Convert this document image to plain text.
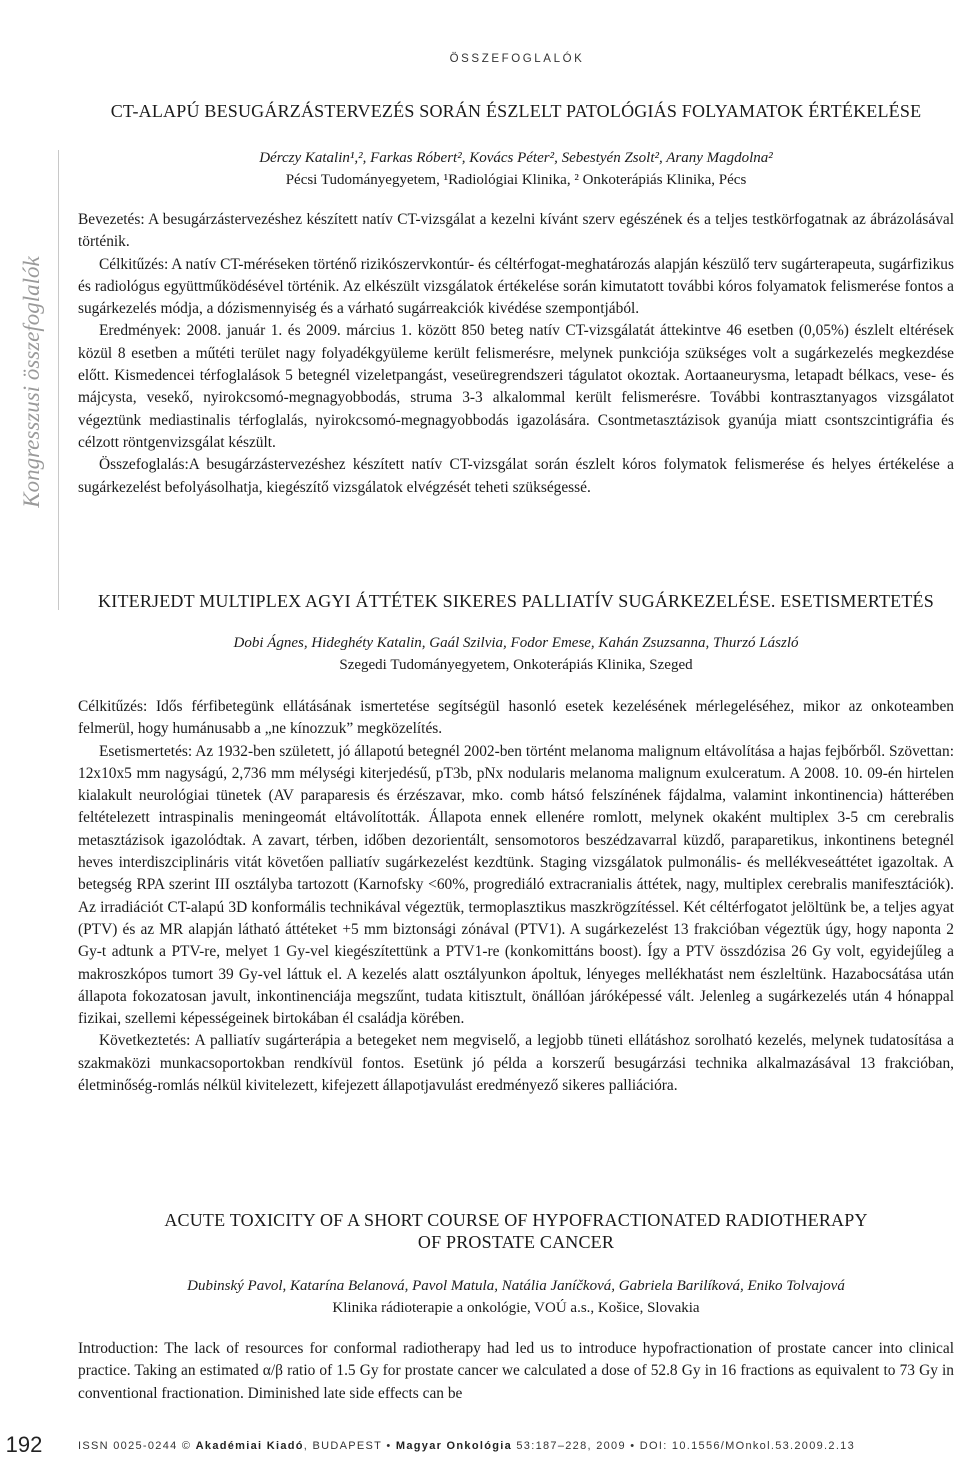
ÖSSZEFOGLALÓK
Kongresszusi összefoglalók
CT-ALAPÚ BESUGÁRZÁSTERVEZÉS SORÁN ÉSZLELT PATOLÓGIÁS FOLYAMATOK ÉRTÉKELÉSE
Dérczy Katalin¹,², Farkas Róbert², Kovács Péter², Sebestyén Zsolt², Arany Magdolna²
Pécsi Tudományegyetem, ¹Radiológiai Klinika, ² Onkoterápiás Klinika, Pécs

Bevezetés: A besugárzástervezéshez készített natív CT-vizsgálat a kezelni kívánt szerv egészének és a teljes testkörfogatnak az ábrázolásával történik.

Célkitűzés: A natív CT-méréseken történő rizikószervkontúr- és céltérfogat-meghatározás alapján készülő terv sugárterapeuta, sugárfizikus és radiológus együttműködésével történik. Az elkészült vizsgálatok értékelése során kimutatott további kóros folyamatok felismerése fontos a sugárkezelés módja, a dózismennyiség és a várható sugárreakciók kivédése szempontjából.

Eredmények: 2008. január 1. és 2009. március 1. között 850 beteg natív CT-vizsgálatát áttekintve 46 esetben (0,05%) észlelt eltérések közül 8 esetben a műtéti terület nagy folyadékgyüleme került felismerésre, melynek punkciója szükséges volt a sugárkezelés megkezdése előtt. Kismedencei térfoglalások 5 betegnél vizeletpangást, veseüregrendszeri tágulatot okoztak. Aortaaneurysma, letapadt bélkacs, vese- és májcysta, vesekő, nyirokcsomó-megnagyobbodás, struma 3-3 alkalommal került felismerésre. További kontrasztanyagos vizsgálatot végeztünk mediastinalis térfoglalás, nyirokcsomó-megnagyobbodás igazolására. Csontmetasztázisok gyanúja miatt csontszcintigráfia és célzott röntgenvizsgálat készült.

Összefoglalás:A besugárzástervezéshez készített natív CT-vizsgálat során észlelt kóros folymatok felismerése és helyes értékelése a sugárkezelést befolyásolhatja, kiegészítő vizsgálatok elvégzését teheti szükségessé.

KITERJEDT MULTIPLEX AGYI ÁTTÉTEK SIKERES PALLIATÍV SUGÁRKEZELÉSE. ESETISMERTETÉS
Dobi Ágnes, Hideghéty Katalin, Gaál Szilvia, Fodor Emese, Kahán Zsuzsanna, Thurzó László
Szegedi Tudományegyetem, Onkoterápiás Klinika, Szeged

Célkitűzés: Idős férfibetegünk ellátásának ismertetése segítségül hasonló esetek kezelésének mérlegeléséhez, mikor az onkoteamben felmerül, hogy humánusabb a „ne kínozzuk” megközelítés.

Esetismertetés: Az 1932-ben született, jó állapotú betegnél 2002-ben történt melanoma malignum eltávolítása a hajas fejbőrből. Szövettan: 12x10x5 mm nagyságú, 2,736 mm mélységi kiterjedésű, pT3b, pNx nodularis melanoma malignum exulceratum. A 2008. 10. 09-én hirtelen kialakult neurológiai tünetek (AV paraparesis és érzészavar, mko. comb hátsó felszínének fájdalma, valamint inkontinencia) hátterében feltételezett intraspinalis meningeomát eltávolították. Állapota ennek ellenére romlott, melynek okaként multiplex 3-5 cm cerebralis metasztázisok igazolódtak. A zavart, térben, időben dezorientált, sensomotoros beszédzavarral küzdő, paraparetikus, inkontinens betegnél heves interdiszciplináris vitát követően palliatív sugárkezelést kezdtünk. Staging vizsgálatok pulmonális- és mellékveseáttétet igazoltak. A betegség RPA szerint III osztályba tartozott (Karnofsky <60%, progrediáló extracranialis áttétek, nagy, multiplex cerebralis manifesztációk). Az irradiációt CT-alapú 3D konformális technikával végeztük, termoplasztikus maszkrögzítéssel. Két céltérfogatot jelöltünk be, a teljes agyat (PTV) és az MR alapján látható áttéteket +5 mm biztonsági zónával (PTV1). A sugárkezelést 13 frakcióban végeztük úgy, hogy naponta 2 Gy-t adtunk a PTV-re, melyet 1 Gy-vel kiegészítettünk a PTV1-re (konkomittáns boost). Így a PTV összdózisa 26 Gy volt, egyidejűleg a makroszkópos tumort 39 Gy-vel láttuk el. A kezelés alatt osztályunkon ápoltuk, lényeges mellékhatást nem észleltünk. Hazabocsátása után állapota fokozatosan javult, inkontinenciája megszűnt, tudata kitisztult, önállóan járóképessé vált. Jelenleg a sugárkezelés után 4 hónappal fizikai, szellemi képességeinek birtokában él családja körében.

Következtetés: A palliatív sugárterápia a betegeket nem megviselő, a legjobb tüneti ellátáshoz sorolható kezelés, melynek tudatosítása a szakmaközi munkacsoportokban rendkívül fontos. Esetünk jó példa a korszerű besugárzási technika alkalmazásával 13 frakcióban, életminőség-romlás nélkül kivitelezett, kifejezett állapotjavulást eredményező sikeres palliációra.

ACUTE TOXICITY OF A SHORT COURSE OF HYPOFRACTIONATED RADIOTHERAPY OF PROSTATE CANCER
Dubinský Pavol, Katarína Belanová, Pavol Matula, Natália Janíčková, Gabriela Barilíková, Eniko Tolvajová
Klinika rádioterapie a onkológie, VOÚ a.s., Košice, Slovakia

Introduction: The lack of resources for conformal radiotherapy had led us to introduce hypofractionation of prostate cancer into clinical practice. Taking an estimated α/β ratio of 1.5 Gy for prostate cancer we calculated a dose of 52.8 Gy in 16 fractions as equivalent to 73 Gy in conventional fractionation. Diminished late side effects can be

192	ISSN 0025-0244 © Akadémiai Kiadó, BUDAPEST • Magyar Onkológia 53:187–228, 2009 • DOI: 10.1556/MOnkol.53.2009.2.13
